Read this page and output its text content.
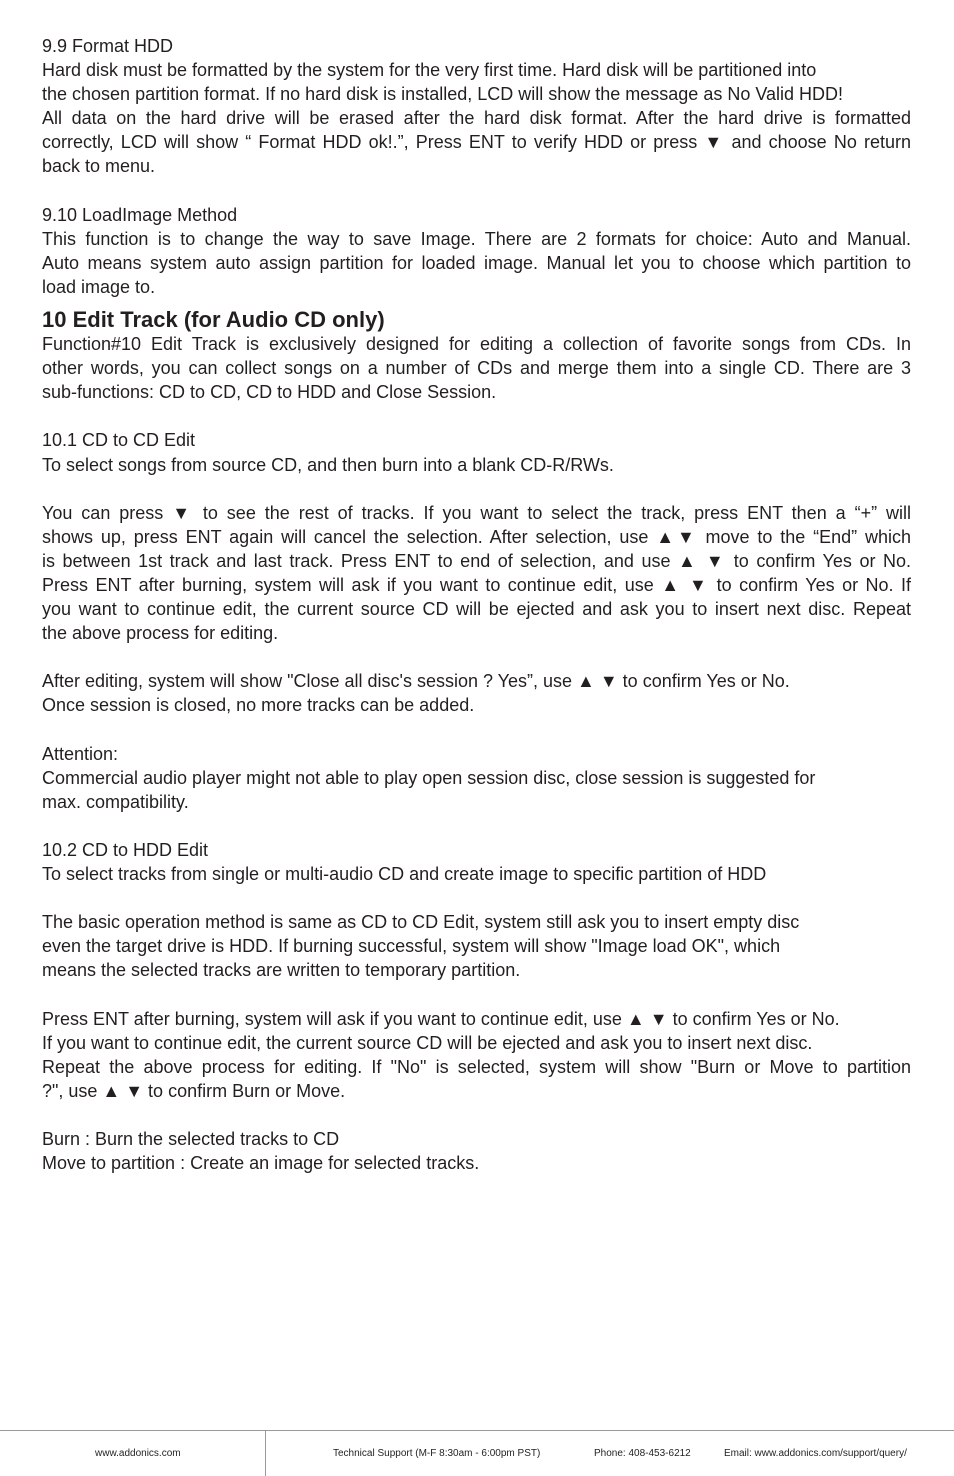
9.9 Format HDD

Hard disk must be formatted by the system for the very first time. Hard disk will be partitioned into

the chosen partition format. If no hard disk is installed, LCD will show the message as No Valid HDD!

All data on the hard drive will be erased after the hard disk format. After the hard drive is formatted

correctly, LCD will show “ Format HDD ok!.”, Press ENT to verify HDD or press ▼ and choose No return

back to menu.

9.10 LoadImage Method

This function is to change the way to save Image. There are 2 formats for choice: Auto and Manual.

Auto means system auto assign partition for loaded image. Manual let you to choose which partition to

load image to.

10 Edit Track (for Audio CD only)

Function#10 Edit Track is exclusively designed for editing a collection of favorite songs from CDs. In

other words, you can collect songs on a number of CDs and merge them into a single CD. There are 3

sub-functions: CD to CD, CD to HDD and Close Session.

10.1 CD to CD Edit

To select songs from source CD, and then burn into a blank CD-R/RWs.

You can press ▼ to see the rest of tracks. If you want to select the track, press ENT then a “+” will

shows up, press ENT again will cancel the selection. After selection, use ▲▼ move to the “End” which

is between 1st track and last track. Press ENT to end of selection, and use ▲ ▼ to confirm Yes or No.

Press ENT after burning, system will ask if you want to continue edit, use ▲ ▼ to confirm Yes or No. If

you want to continue edit, the current source CD will be ejected and ask you to insert next disc. Repeat

the above process for editing.

After editing, system will show "Close all disc's session ? Yes”, use ▲ ▼ to confirm Yes or No.

Once session is closed, no more tracks can be added.

Attention:

Commercial audio player might not able to play open session disc, close session is suggested for

max. compatibility.

10.2 CD to HDD Edit

To select tracks from single or multi-audio CD and create image to specific partition of HDD

The basic operation method is same as CD to CD Edit, system still ask you to insert empty disc

even the target drive is HDD. If burning successful, system will show "Image load OK", which

means the selected tracks are written to temporary partition.

Press ENT after burning, system will ask if you want to continue edit, use ▲ ▼ to confirm Yes or No.

If you want to continue edit, the current source CD will be ejected and ask you to insert next disc.

Repeat the above process for editing. If "No" is selected, system will show "Burn or Move to partition

?", use ▲ ▼ to confirm Burn or Move.

Burn : Burn the selected tracks to CD

Move to partition : Create an image for selected tracks.

www.addonics.com	Technical Support (M-F 8:30am - 6:00pm PST)	Phone: 408-453-6212	Email: www.addonics.com/support/query/
